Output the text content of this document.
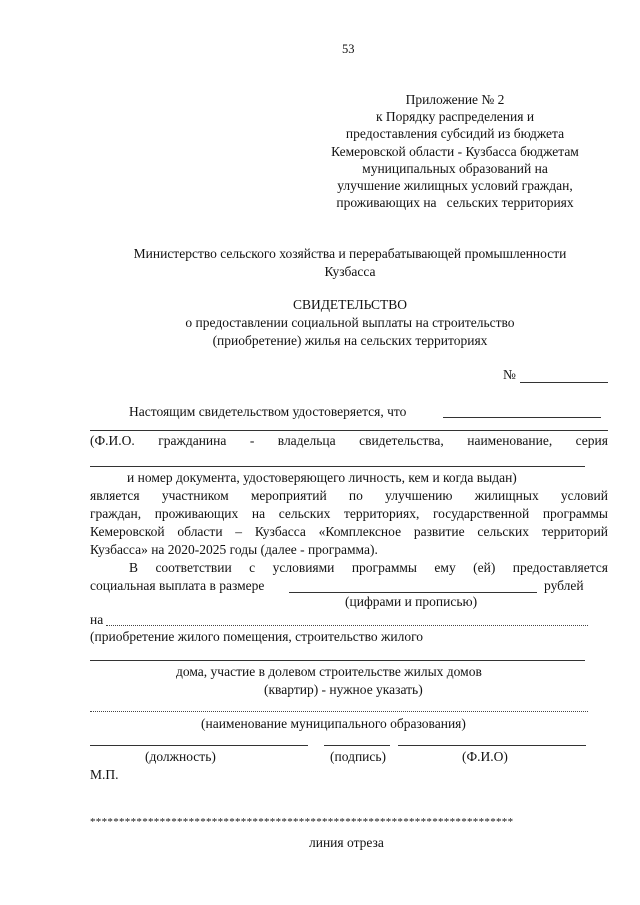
53
Приложение № 2
к Порядку распределения и
предоставления субсидий из бюджета
Кемеровской области - Кузбасса бюджетам
муниципальных образований на
улучшение жилищных условий граждан,
проживающих на   сельских территориях
Министерство сельского хозяйства и перерабатывающей промышленности
Кузбасса
СВИДЕТЕЛЬСТВО
о предоставлении социальной выплаты на строительство
(приобретение) жилья на сельских территориях
№
Настоящим свидетельством удостоверяется, что
(Ф.И.О. гражданина - владельца свидетельства, наименование, серия
и номер документа, удостоверяющего личность, кем и когда выдан)
является участником мероприятий по улучшению жилищных условий
граждан, проживающих на сельских территориях, государственной программы
Кемеровской области – Кузбасса «Комплексное развитие сельских территорий
Кузбасса» на 2020-2025 годы (далее - программа).
В соответствии с условиями программы ему (ей) предоставляется
социальная выплата в размере	рублей
(цифрами и прописью)
на
(приобретение жилого помещения, строительство жилого
дома, участие в долевом строительстве жилых домов
(квартир) - нужное указать)
(наименование муниципального образования)
(должность)	(подпись)	(Ф.И.О)
М.П.
*************************************************************************
линия отреза
